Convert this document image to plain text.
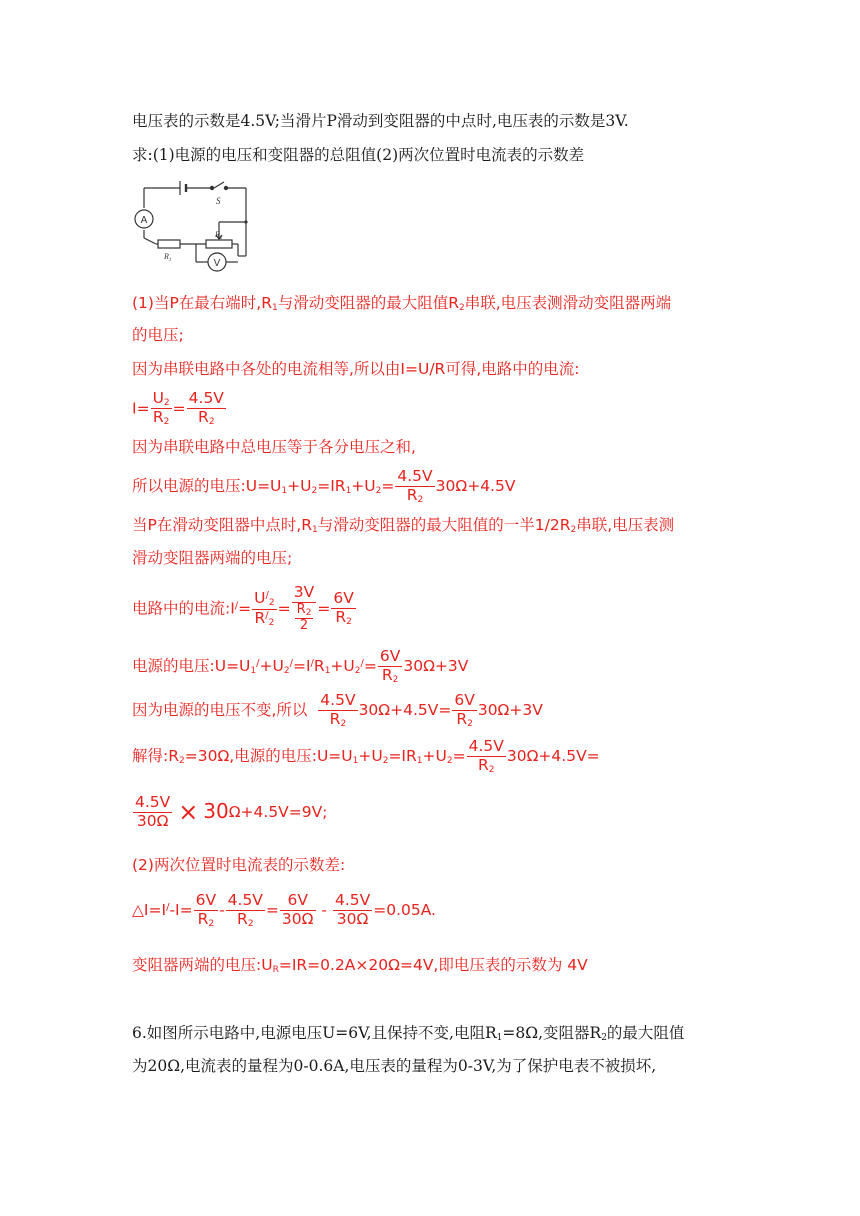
电压表的示数是4.5V;当滑片P滑动到变阻器的中点时,电压表的示数是3V.
求:(1)电源的电压和变阻器的总阻值(2)两次位置时电流表的示数差
A
V
S
$R_1$
$R_2$
(1)当P在最右端时$,R_1$与滑动变阻器的最大阻值$R_2$串联,电压表测滑动变阻器两端
的电压;
因为串联电路中各处的电流相等,所以由I=U/R可得,电路中的电流:
$I= \frac{U_2}{R_2} = \frac{4.5V}{R_2}$
因为串联电路中总电压等于各分电压之和,
所以电源的电压$:U=U_1+U_2=IR_1+U_2= \frac{4.5V}{R_2} 30\Omega+4.5V$
当P在滑动变阻器中点时$,R_1$与滑动变阻器的最大阻值的一半$1/2R_2$串联,电压表测
滑动变阻器两端的电压;
电路中的电流:I/= $\frac{U^/_2}{R^/_2} = \frac{3V}{\frac{R_2}{2}} = \frac{6V}{R_2}$
电源的电压$:U=U_1^/+U_2^/=I^/R_1+U_2^/= \frac{6V}{R_2} 30\Omega+3V$
因为电源的电压不变,所以 $\frac{4.5V}{R_2} 30\Omega+4.5V= \frac{6V}{R_2} 30\Omega+3V$
解得$:R_2=30\Omega$,电源的电压$:U=U_1+U_2=IR_1+U_2= \frac{4.5V}{R_2} 30\Omega+4.5V=$
$\frac{4.5V}{30\Omega} \times 30\Omega+4.5V=9V$;
(2)两次位置时电流表的示数差:
△I=I/-I= $\frac{6V}{R_2} - \frac{4.5V}{R_2} = \frac{6V}{30\Omega} - \frac{4.5V}{30\Omega} =0.05A$.
变阻器两端的电压$:U_R=IR=0.2A\times 20\Omega=4V$,即电压表的示数为 4V
6.如图所示电路中,电源电压U=6V,且保持不变,电阻$R_1=8\Omega$,变阻器$R_2$的最大阻值
为20Ω,电流表的量程为0-0.6A,电压表的量程为0-3V,为了保护电表不被损坏,
